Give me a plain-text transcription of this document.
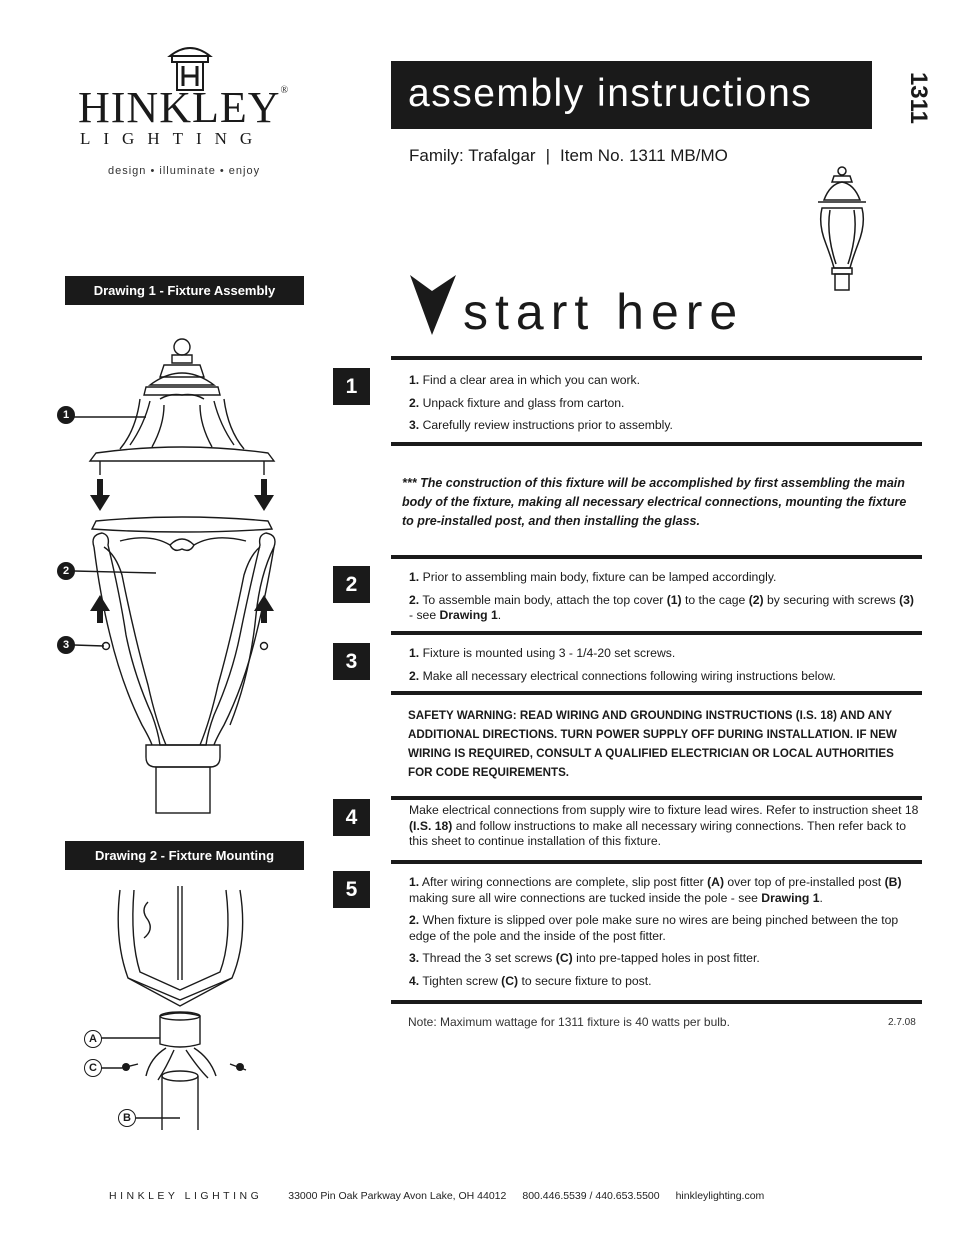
HINKLEY®
LIGHTING
design • illuminate • enjoy
assembly instructions	1311
Family: Trafalgar | Item No. 1311 MB/MO
start here
Drawing 1 - Fixture Assembly
1
2
3
Drawing 2 - Fixture Mounting
A
C
B
1	1. Find a clear area in which you can work.

2. Unpack fixture and glass from carton.

3. Carefully review instructions prior to assembly.

*** The construction of this fixture will be accomplished by first assembling the main body of the fixture, making all necessary electrical connections, mounting the fixture to pre-installed post, and then installing the glass.
2	1. Prior to assembling main body, fixture can be lamped accordingly.

2. To assemble main body, attach the top cover (1) to the cage (2) by securing with screws (3) - see Drawing 1.

3	1. Fixture is mounted using 3 - 1/4-20 set screws.

2. Make all necessary electrical connections following wiring instructions below.

SAFETY WARNING: READ WIRING AND GROUNDING INSTRUCTIONS (I.S. 18) AND ANY ADDITIONAL DIRECTIONS. TURN POWER SUPPLY OFF DURING INSTALLATION. IF NEW WIRING IS REQUIRED, CONSULT A QUALIFIED ELECTRICIAN OR LOCAL AUTHORITIES FOR CODE REQUIREMENTS.
4	Make electrical connections from supply wire to fixture lead wires. Refer to instruction sheet 18 (I.S. 18) and follow instructions to make all necessary wiring connections. Then refer back to this sheet to continue installation of this fixture.

5	1. After wiring connections are complete, slip post fitter (A) over top of pre-installed post (B) making sure all wire connections are tucked inside the pole - see Drawing 1.

2. When fixture is slipped over pole make sure no wires are being pinched between the top edge of the pole and the inside of the post fitter.

3. Thread the 3 set screws (C) into pre-tapped holes in post fitter.

4. Tighten screw (C) to secure fixture to post.

Note: Maximum wattage for 1311 fixture is 40 watts per bulb.	2.7.08
HINKLEY LIGHTING 33000 Pin Oak Parkway Avon Lake, OH 44012 800.446.5539 / 440.653.5500 hinkleylighting.com
